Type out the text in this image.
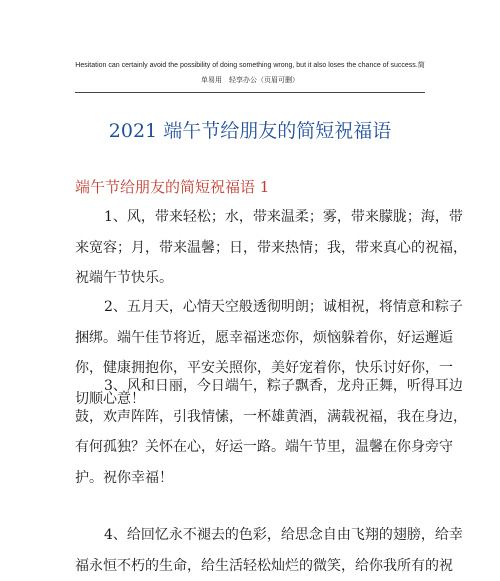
Hesitation can certainly avoid the possibility of doing something wrong, but it also loses the chance of success.简
单易用　轻享办公（页眉可删）
2021 端午节给朋友的简短祝福语
端午节给朋友的简短祝福语 1
1、风，带来轻松；水，带来温柔；雾，带来朦胧；海，带
来宽容；月，带来温馨；日，带来热情；我，带来真心的祝福，
祝端午节快乐。
2、五月天，心情天空般透彻明朗；诚相祝，将情意和粽子
捆绑。端午佳节将近，愿幸福迷恋你，烦恼躲着你，好运邂逅
你，健康拥抱你，平安关照你，美好宠着你，快乐讨好你，一
切顺心意！
3、风和日丽，今日端午，粽子飘香，龙舟正舞，听得耳边
鼓，欢声阵阵，引我情愫，一杯雄黄酒，满载祝福，我在身边，
有何孤独？关怀在心，好运一路。端午节里，温馨在你身旁守
护。祝你幸福！
4、给回忆永不褪去的色彩，给思念自由飞翔的翅膀，给幸
福永恒不朽的生命，给生活轻松灿烂的微笑，给你我所有的祝
